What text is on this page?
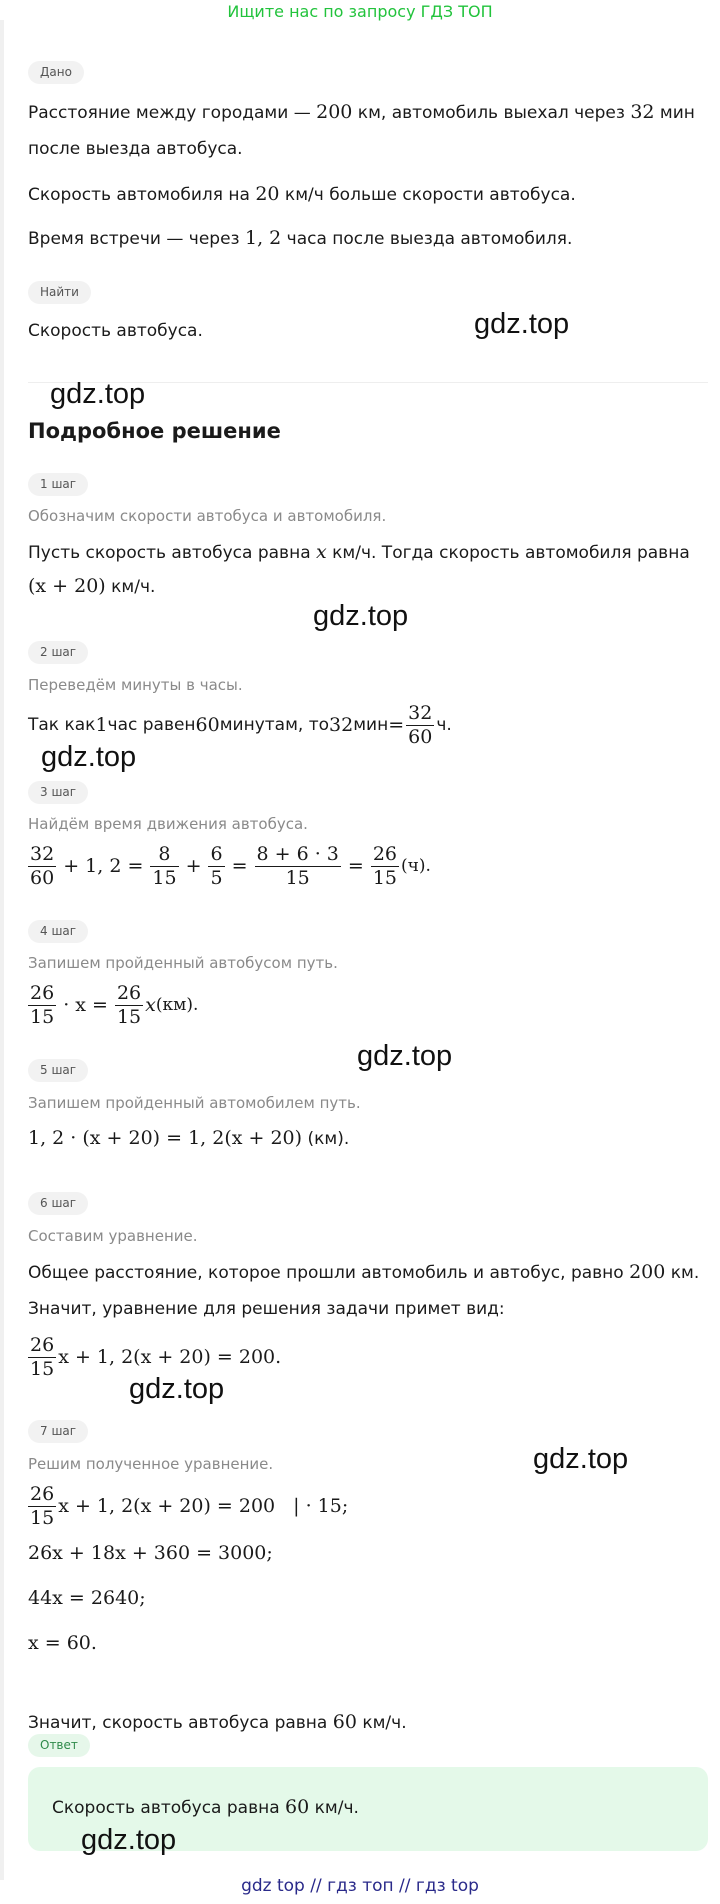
Ищите нас по запросу ГДЗ ТОП
Дано
Расстояние между городами — 200 км, автомобиль выехал через 32 мин
после выезда автобуса.
Скорость автомобиля на 20 км/ч больше скорости автобуса.
Время встречи — через 1, 2 часа после выезда автомобиля.
Найти
Скорость автобуса.
Подробное решение
1 шаг
Обозначим скорости автобуса и автомобиля.
Пусть скорость автобуса равна x км/ч. Тогда скорость автомобиля равна
(x + 20) км/ч.
2 шаг
Переведём минуты в часы.
Так как 1 час равен 60 минутам, то 32 мин = $\frac{32}{60} ч$.
3 шаг
Найдём время движения автобуса.
$\frac{32}{60} + 1$, $2 = \frac{8}{15} + \frac{6}{5} = \frac{8 + 6 \cdot 3}{15} = \frac{26}{15} (ч)$.
4 шаг
Запишем пройденный автобусом путь.
$\frac{26}{15} \cdot x = \frac{26}{15}$ x (км).
5 шаг
Запишем пройденный автомобилем путь.
1, 2 · (x + 20) = 1, 2(x + 20) (км).
6 шаг
Составим уравнение.
Общее расстояние, которое прошли автомобиль и автобус, равно 200 км.
Значит, уравнение для решения задачи примет вид:
$\frac{26}{15}$ x + 1, 2(x + 20) = 200.
7 шаг
Решим полученное уравнение.
$\frac{26}{15}$ x + 1, 2(x + 20) = 200 | · 15;
26x + 18x + 360 = 3000;
44x = 2640;
x = 60.
Значит, скорость автобуса равна 60 км/ч.
Ответ
Скорость автобуса равна 60 км/ч.
gdz.top
gdz.top
gdz.top
gdz.top
gdz.top
gdz.top
gdz.top
gdz.top
gdz top // гдз топ // гдз top
